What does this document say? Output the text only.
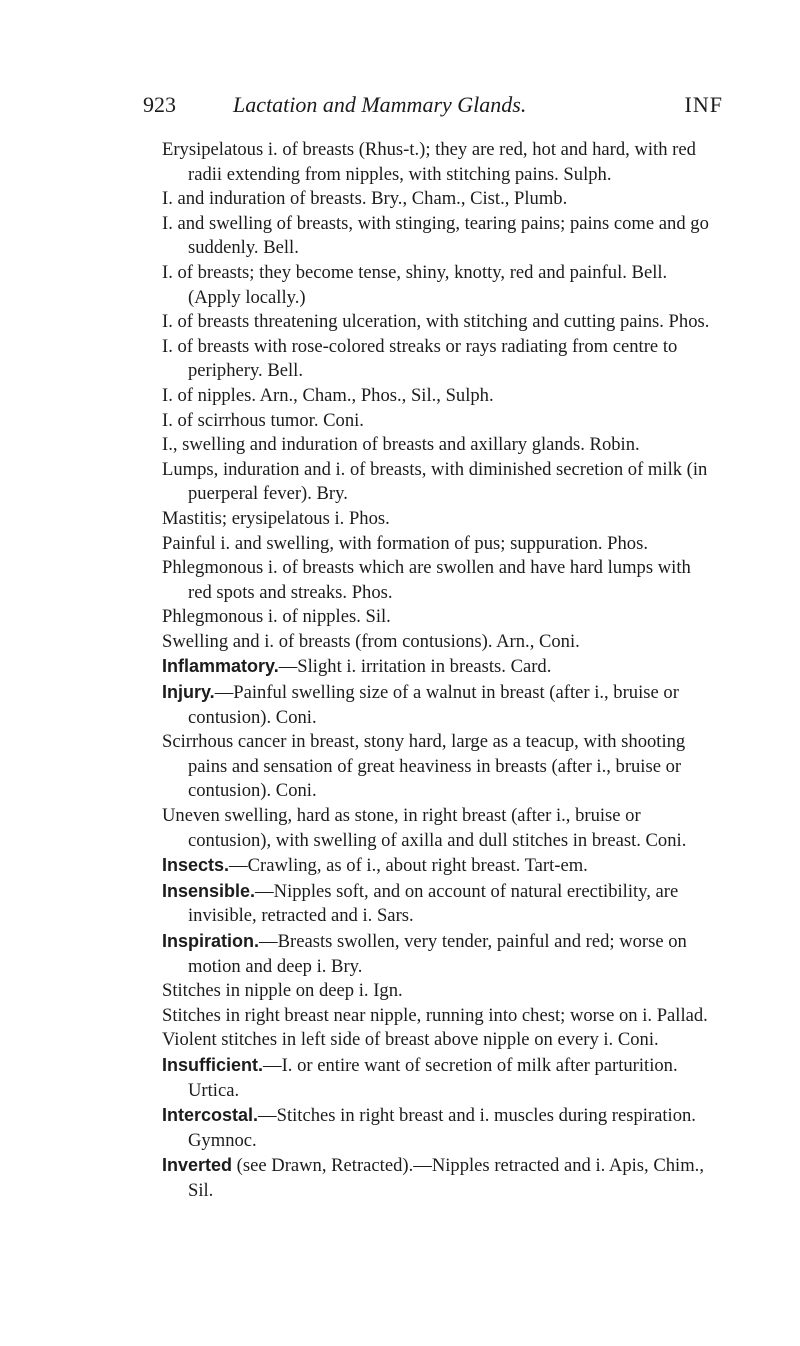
923	Lactation and Mammary Glands.	INF
Erysipelatous i. of breasts (Rhus-t.); they are red, hot and hard, with red radii extending from nipples, with stitching pains. Sulph.
I. and induration of breasts. Bry., Cham., Cist., Plumb.
I. and swelling of breasts, with stinging, tearing pains; pains come and go suddenly. Bell.
I. of breasts; they become tense, shiny, knotty, red and painful. Bell. (Apply locally.)
I. of breasts threatening ulceration, with stitching and cutting pains. Phos.
I. of breasts with rose-colored streaks or rays radiating from centre to periphery. Bell.
I. of nipples. Arn., Cham., Phos., Sil., Sulph.
I. of scirrhous tumor. Coni.
I., swelling and induration of breasts and axillary glands. Robin.
Lumps, induration and i. of breasts, with diminished secretion of milk (in puerperal fever). Bry.
Mastitis; erysipelatous i. Phos.
Painful i. and swelling, with formation of pus; suppuration. Phos.
Phlegmonous i. of breasts which are swollen and have hard lumps with red spots and streaks. Phos.
Phlegmonous i. of nipples. Sil.
Swelling and i. of breasts (from contusions). Arn., Coni.
Inflammatory.—Slight i. irritation in breasts. Card.
Injury.—Painful swelling size of a walnut in breast (after i., bruise or contusion). Coni.
Scirrhous cancer in breast, stony hard, large as a teacup, with shooting pains and sensation of great heaviness in breasts (after i., bruise or contusion). Coni.
Uneven swelling, hard as stone, in right breast (after i., bruise or contusion), with swelling of axilla and dull stitches in breast. Coni.
Insects.—Crawling, as of i., about right breast. Tart-em.
Insensible.—Nipples soft, and on account of natural erectibility, are invisible, retracted and i. Sars.
Inspiration.—Breasts swollen, very tender, painful and red; worse on motion and deep i. Bry.
Stitches in nipple on deep i. Ign.
Stitches in right breast near nipple, running into chest; worse on i. Pallad.
Violent stitches in left side of breast above nipple on every i. Coni.
Insufficient.—I. or entire want of secretion of milk after parturition. Urtica.
Intercostal.—Stitches in right breast and i. muscles during respiration. Gymnoc.
Inverted (see Drawn, Retracted).—Nipples retracted and i. Apis, Chim., Sil.
